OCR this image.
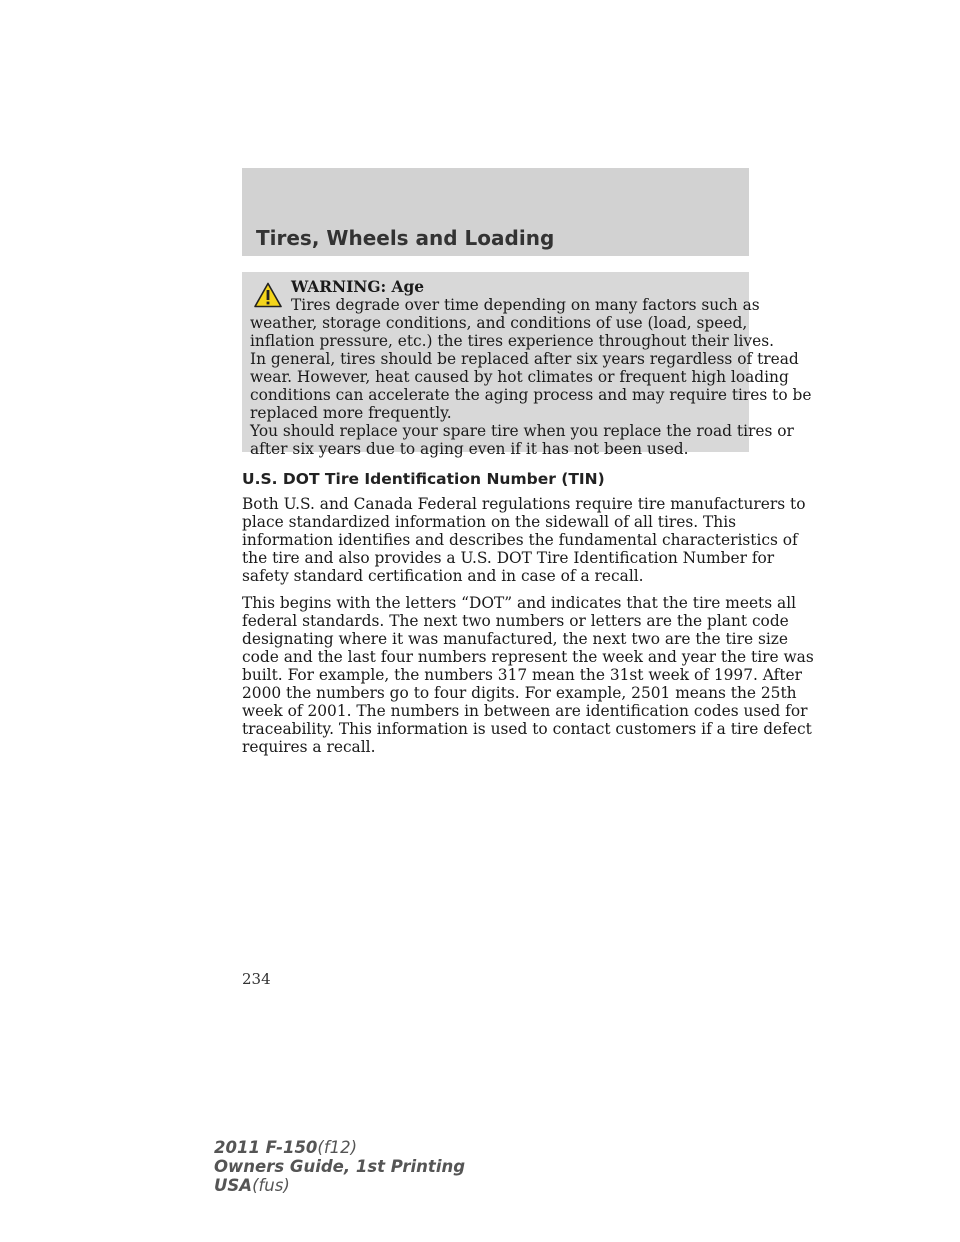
Tires, Wheels and Loading
WARNING: Age
Tires degrade over time depending on many factors such as
weather, storage conditions, and conditions of use (load, speed,
inflation pressure, etc.) the tires experience throughout their lives.
In general, tires should be replaced after six years regardless of tread
wear. However, heat caused by hot climates or frequent high loading
conditions can accelerate the aging process and may require tires to be
replaced more frequently.
You should replace your spare tire when you replace the road tires or
after six years due to aging even if it has not been used.
U.S. DOT Tire Identification Number (TIN)
Both U.S. and Canada Federal regulations require tire manufacturers to
place standardized information on the sidewall of all tires. This
information identifies and describes the fundamental characteristics of
the tire and also provides a U.S. DOT Tire Identification Number for
safety standard certification and in case of a recall.
This begins with the letters “DOT” and indicates that the tire meets all
federal standards. The next two numbers or letters are the plant code
designating where it was manufactured, the next two are the tire size
code and the last four numbers represent the week and year the tire was
built. For example, the numbers 317 mean the 31st week of 1997. After
2000 the numbers go to four digits. For example, 2501 means the 25th
week of 2001. The numbers in between are identification codes used for
traceability. This information is used to contact customers if a tire defect
requires a recall.
234
2011 F-150(f12)
Owners Guide, 1st Printing
USA(fus)
